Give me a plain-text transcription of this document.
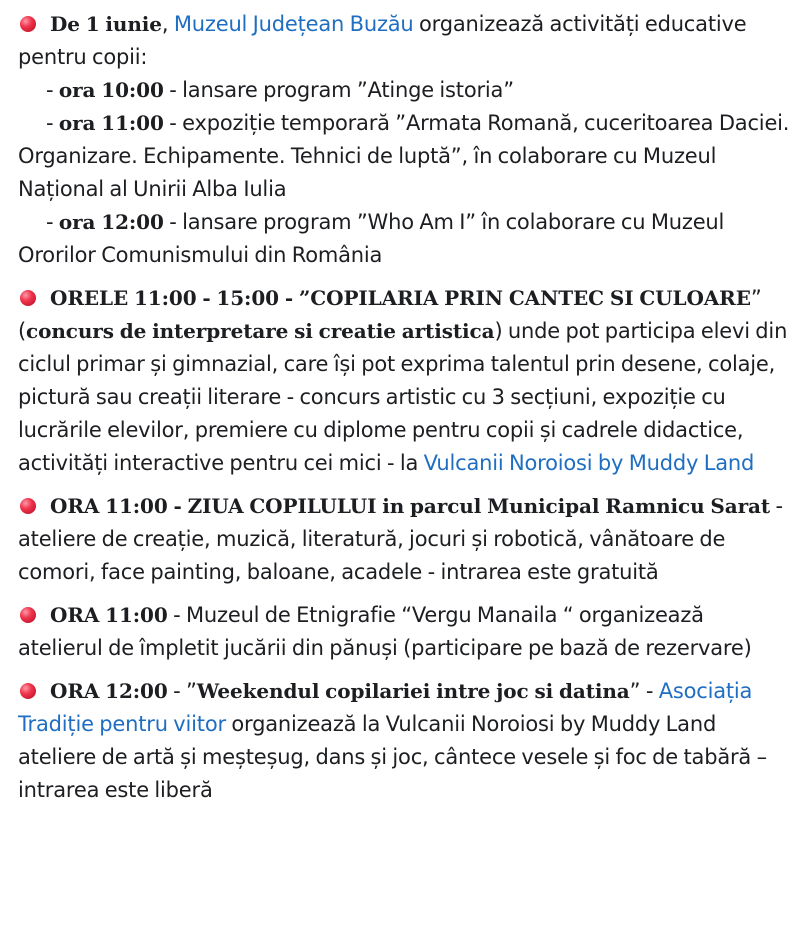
De 1 iunie, Muzeul Județean Buzău organizează activități educative pentru copii:
- ora 10:00 - lansare program ”Atinge istoria”
- ora 11:00 - expoziție temporară ”Armata Romană, cuceritoarea Daciei. Organizare. Echipamente. Tehnici de luptă”, în colaborare cu Muzeul Național al Unirii Alba Iulia
- ora 12:00 - lansare program ”Who Am I” în colaborare cu Muzeul Ororilor Comunismului din România
ORELE 11:00 - 15:00 - ”COPILARIA PRIN CANTEC SI CULOARE” (concurs de interpretare si creatie artistica) unde pot participa elevi din ciclul primar și gimnazial, care își pot exprima talentul prin desene, colaje, pictură sau creații literare - concurs artistic cu 3 secțiuni, expoziție cu lucrările elevilor, premiere cu diplome pentru copii și cadrele didactice, activități interactive pentru cei mici - la Vulcanii Noroiosi by Muddy Land
ORA 11:00 - ZIUA COPILULUI in parcul Municipal Ramnicu Sarat - ateliere de creație, muzică, literatură, jocuri și robotică, vânătoare de comori, face painting, baloane, acadele - intrarea este gratuită
ORA 11:00 - Muzeul de Etnigrafie “Vergu Manaila “ organizează atelierul de împletit jucării din pănuși (participare pe bază de rezervare)
ORA 12:00 - ”Weekendul copilariei intre joc si datina” - Asociația Tradiție pentru viitor organizează la Vulcanii Noroiosi by Muddy Land ateliere de artă și meșteșug, dans și joc, cântece vesele și foc de tabără – intrarea este liberă
